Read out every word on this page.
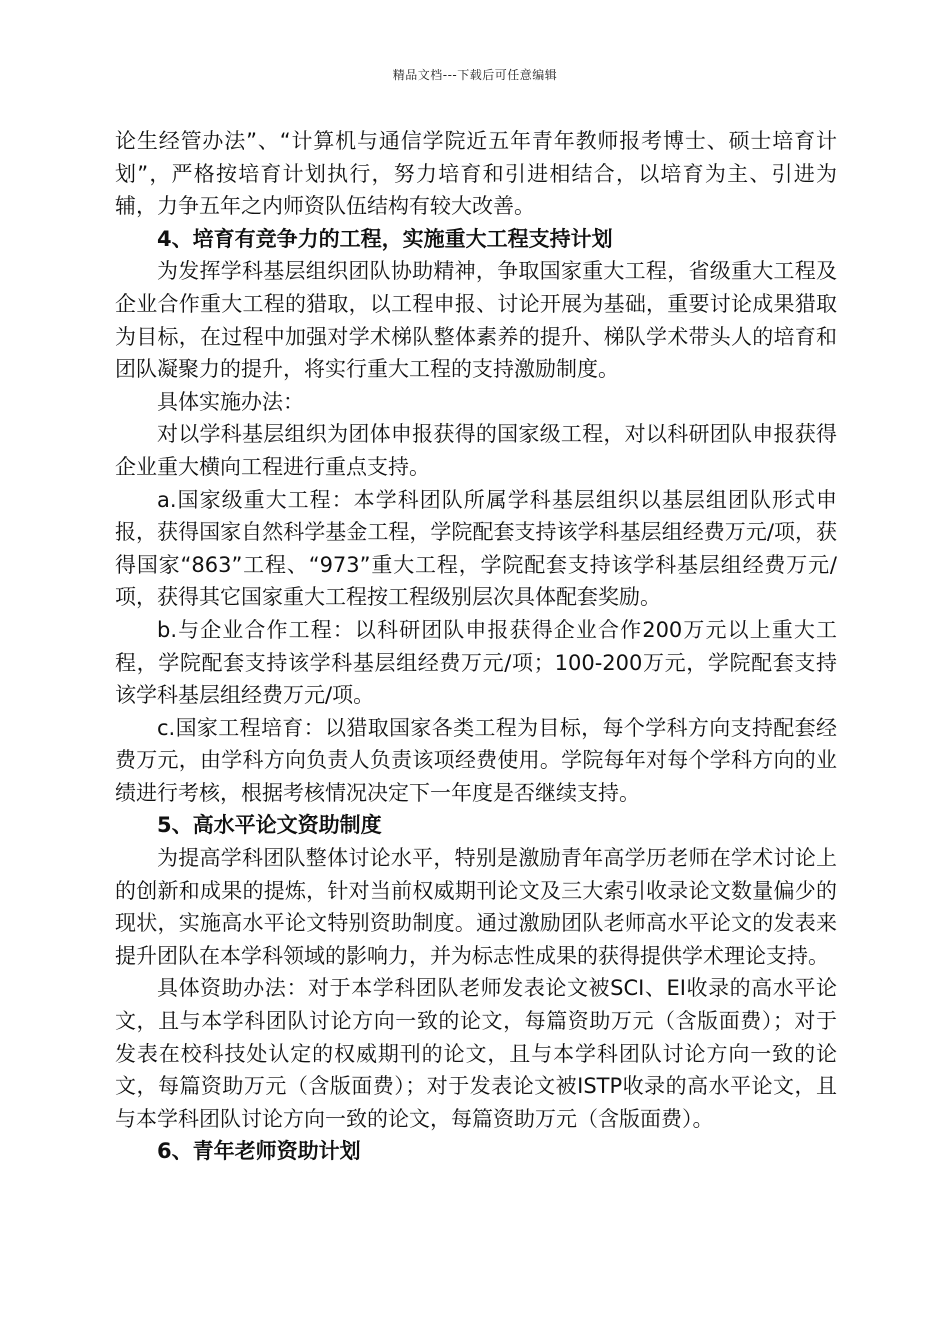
精品文档---下载后可任意编辑

论生经管办法”、“计算机与通信学院近五年青年教师报考博士、硕士培育计划”，严格按培育计划执行，努力培育和引进相结合，以培育为主、引进为辅，力争五年之内师资队伍结构有较大改善。

4、培育有竞争力的工程，实施重大工程支持计划

为发挥学科基层组织团队协助精神，争取国家重大工程，省级重大工程及企业合作重大工程的猎取，以工程申报、讨论开展为基础，重要讨论成果猎取为目标，在过程中加强对学术梯队整体素养的提升、梯队学术带头人的培育和团队凝聚力的提升，将实行重大工程的支持激励制度。

具体实施办法：

对以学科基层组织为团体申报获得的国家级工程，对以科研团队申报获得企业重大横向工程进行重点支持。

a.国家级重大工程：本学科团队所属学科基层组织以基层组团队形式申报，获得国家自然科学基金工程，学院配套支持该学科基层组经费万元/项，获得国家“863”工程、“973”重大工程，学院配套支持该学科基层组经费万元/项，获得其它国家重大工程按工程级别层次具体配套奖励。

b.与企业合作工程：以科研团队申报获得企业合作200万元以上重大工程，学院配套支持该学科基层组经费万元/项；100-200万元，学院配套支持该学科基层组经费万元/项。

c.国家工程培育：以猎取国家各类工程为目标，每个学科方向支持配套经费万元，由学科方向负责人负责该项经费使用。学院每年对每个学科方向的业绩进行考核，根据考核情况决定下一年度是否继续支持。

5、高水平论文资助制度

为提高学科团队整体讨论水平，特别是激励青年高学历老师在学术讨论上的创新和成果的提炼，针对当前权威期刊论文及三大索引收录论文数量偏少的现状，实施高水平论文特别资助制度。通过激励团队老师高水平论文的发表来提升团队在本学科领域的影响力，并为标志性成果的获得提供学术理论支持。

具体资助办法：对于本学科团队老师发表论文被SCI、EI收录的高水平论文，且与本学科团队讨论方向一致的论文，每篇资助万元（含版面费）；对于发表在校科技处认定的权威期刊的论文，且与本学科团队讨论方向一致的论文，每篇资助万元（含版面费）；对于发表论文被ISTP收录的高水平论文，且与本学科团队讨论方向一致的论文，每篇资助万元（含版面费）。

6、青年老师资助计划
